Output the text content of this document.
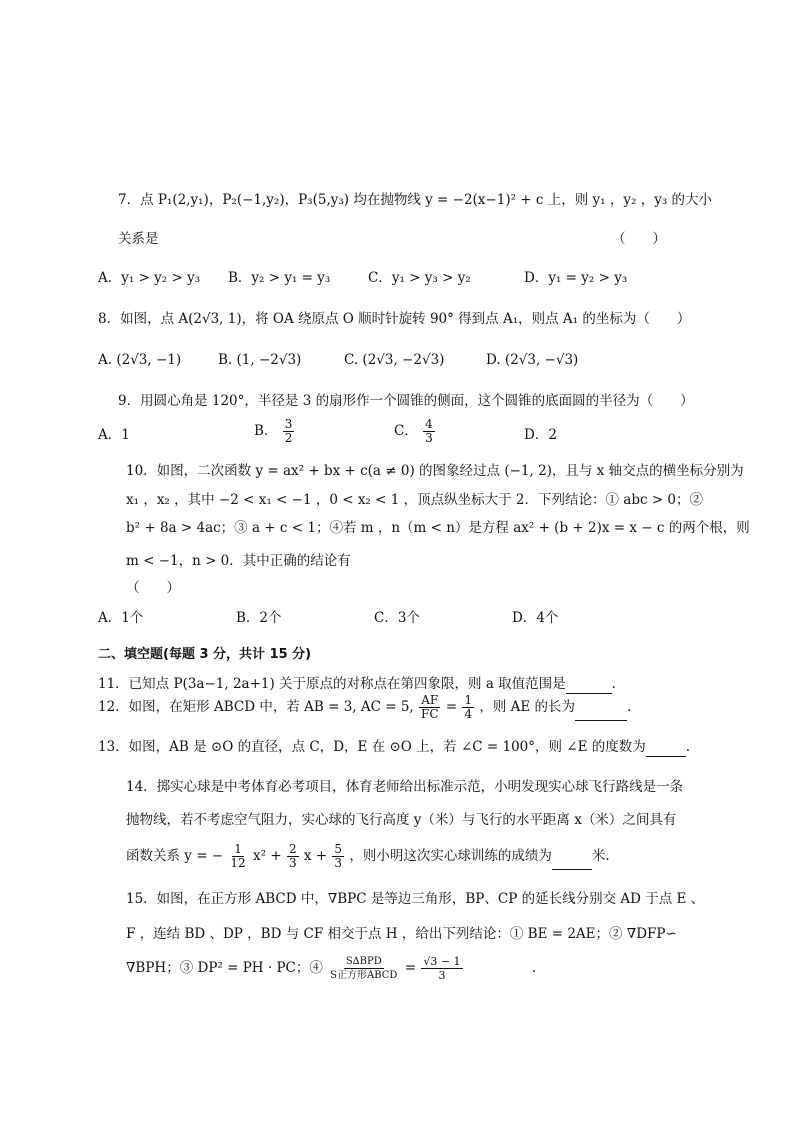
7．点 P₁(2,y₁)，P₂(−1,y₂)，P₃(5,y₃) 均在抛物线 y = −2(x−1)² + c 上，则 y₁ ，y₂ ，y₃ 的大小
关系是	（　　）
A．y₁ > y₂ > y₃ B．y₂ > y₁ = y₃	C．y₁ > y₃ > y₂	D．y₁ = y₂ > y₃
8．如图，点 A(2√3, 1)，将 OA 绕原点 O 顺时针旋转 90° 得到点 A₁，则点 A₁ 的坐标为（　　）
A. (2√3, −1)	B. (1, −2√3)	C. (2√3, −2√3)	D. (2√3, −√3)
9．用圆心角是 120°，半径是 3 的扇形作一个圆锥的侧面，这个圆锥的底面圆的半径为（　　）
A．1	B． $\frac{3}{2}$	C． $\frac{4}{3}$	D．2
10．如图，二次函数 y = ax² + bx + c(a ≠ 0) 的图象经过点 (−1, 2)，且与 x 轴交点的横坐标分别为
x₁ ，x₂ ，其中 −2 < x₁ < −1 ，0 < x₂ < 1 ，顶点纵坐标大于 2．下列结论：① abc > 0；②
b² + 8a > 4ac；③ a + c < 1；④若 m ，n（m < n）是方程 ax² + (b + 2)x = x − c 的两个根，则
m < −1，n > 0．其中正确的结论有
（　　）
A．1个	B．2个	C．3个	D．4个
二、填空题(每题 3 分，共计 15 分)
11．已知点 P(3a−1, 2a+1) 关于原点的对称点在第四象限，则 a 取值范围是	.
12．如图，在矩形 ABCD 中，若 AB = 3, AC = 5, $\frac{AF}{FC} = \frac{1}{4}$ ，则 AE 的长为	.
13．如图，AB 是 ⊙O 的直径，点 C，D，E 在 ⊙O 上，若 ∠C = 100°，则 ∠E 的度数为	.
14．掷实心球是中考体育必考项目，体育老师给出标准示范，小明发现实心球飞行路线是一条
抛物线，若不考虑空气阻力，实心球的飞行高度 y（米）与飞行的水平距离 x（米）之间具有
函数关系 y = − $\frac{1}{12} x^2 + \frac{2}{3}$ $x + \frac{5}{3}$ ，则小明这次实心球训练的成绩为	米.
15．如图，在正方形 ABCD 中，∇BPC 是等边三角形，BP、CP 的延长线分别交 AD 于点 E 、
F ，连结 BD 、DP ，BD 与 CF 相交于点 H ，给出下列结论：① BE = 2AE；② ∇DFP∽
∇BPH；③ DP² = PH · PC；④ $\frac{\text{S∆BPD}}{\text{S正方形ABCD}} = \frac{√3 - 1}{3}$	.
